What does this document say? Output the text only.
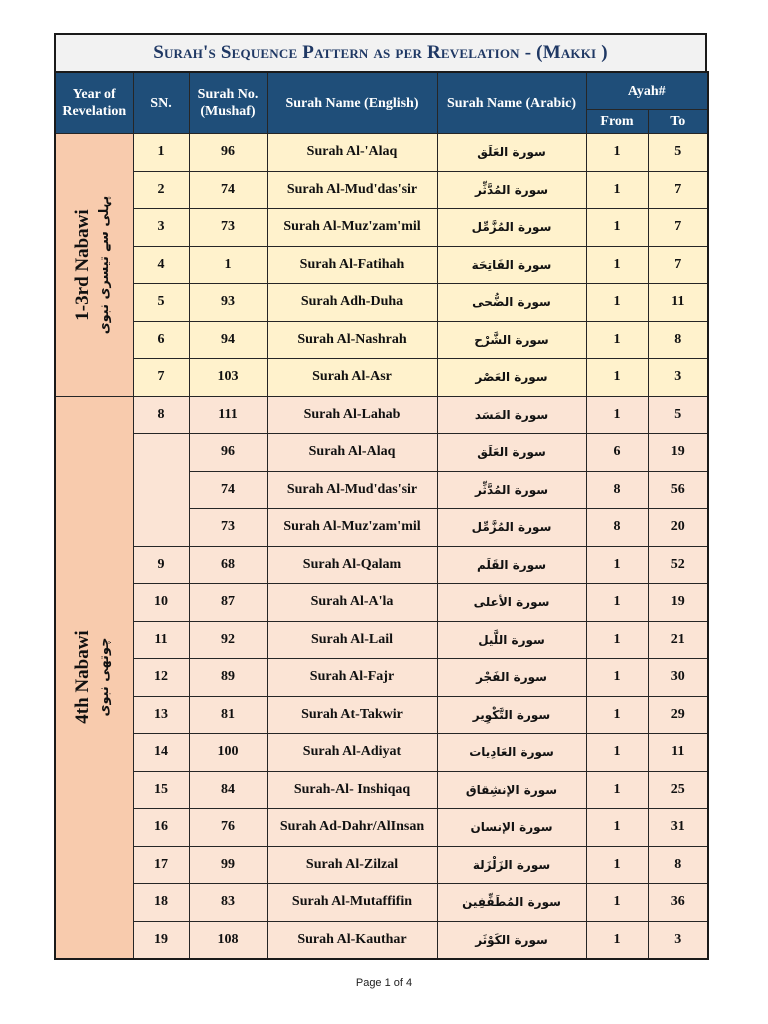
Surah's Sequence Pattern as per Revelation - (Makki )
Year of Revelation	SN.	Surah No. (Mushaf)	Surah Name (English)	Surah Name (Arabic)	Ayah#	
					From	To

1-3rd Nabawi پہلی سے تیسری نبوی	1	96	Surah Al-'Alaq	سورة العَلَق	1	5
	2	74	Surah Al-Mud'das'sir	سورة المُدَّثِّر	1	7
	3	73	Surah Al-Muz'zam'mil	سورة المُزَّمِّل	1	7
	4	1	Surah Al-Fatihah	سورة الفَاتِحَة	1	7
	5	93	Surah Adh-Duha	سورة الضُّحى	1	11
	6	94	Surah Al-Nashrah	سورة الشَّرْح	1	8
	7	103	Surah Al-Asr	سورة العَصْر	1	3

4th Nabawi چوتھی نبوی	8	111	Surah Al-Lahab	سورة المَسَد	1	5
		96	Surah Al-Alaq	سورة العَلَق	6	19
		74	Surah Al-Mud'das'sir	سورة المُدَّثِّر	8	56
		73	Surah Al-Muz'zam'mil	سورة المُزَّمِّل	8	20
	9	68	Surah Al-Qalam	سورة القَلَم	1	52
	10	87	Surah Al-A'la	سورة الأعلى	1	19
	11	92	Surah Al-Lail	سورة اللَّيل	1	21
	12	89	Surah Al-Fajr	سورة الفَجْر	1	30
	13	81	Surah At-Takwir	سورة التَّكْوِير	1	29
	14	100	Surah Al-Adiyat	سورة العَادِيات	1	11
	15	84	Surah-Al- Inshiqaq	سورة الإنشِقاق	1	25
	16	76	Surah Ad-Dahr/AlInsan	سورة الإنسان	1	31
	17	99	Surah Al-Zilzal	سورة الزَلْزَلة	1	8
	18	83	Surah Al-Mutaffifin	سورة المُطَفِّفِين	1	36
	19	108	Surah Al-Kauthar	سورة الكَوْثَر	1	3
Page 1 of 4
